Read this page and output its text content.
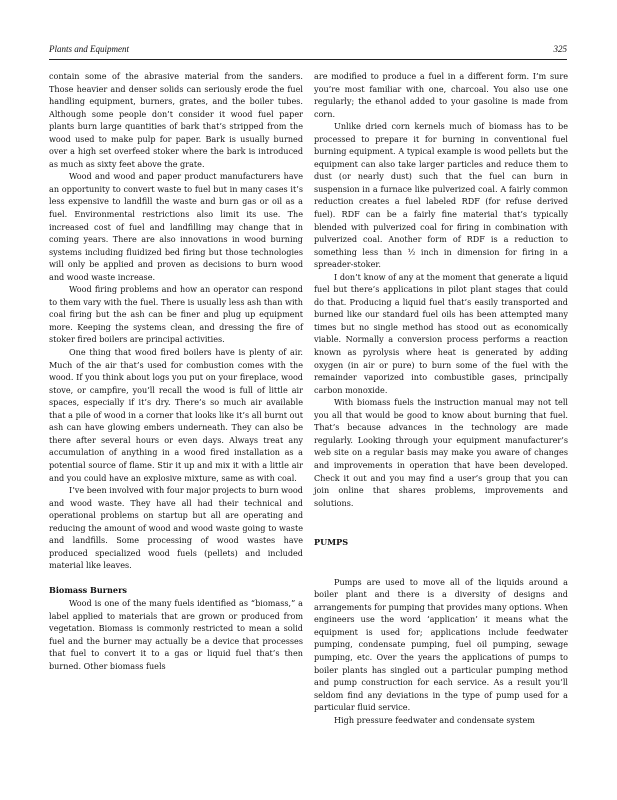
Plants and Equipment	325

contain some of the abrasive material from the sanders. Those heavier and denser solids can seriously erode the fuel handling equipment, burners, grates, and the boiler tubes. Although some people don’t consider it wood fuel paper plants burn large quantities of bark that’s stripped from the wood used to make pulp for paper. Bark is usually burned over a high set overfeed stoker where the bark is introduced as much as sixty feet above the grate.

Wood and wood and paper product manufacturers have an opportunity to convert waste to fuel but in many cases it’s less expensive to landfill the waste and burn gas or oil as a fuel. Environmental restrictions also limit its use. The increased cost of fuel and landfilling may change that in coming years. There are also innovations in wood burning systems including fluidized bed firing but those technologies will only be applied and proven as decisions to burn wood and wood waste increase.

Wood firing problems and how an operator can respond to them vary with the fuel. There is usually less ash than with coal firing but the ash can be finer and plug up equipment more. Keeping the systems clean, and dressing the fire of stoker fired boilers are principal activities.

One thing that wood fired boilers have is plenty of air. Much of the air that’s used for combustion comes with the wood. If you think about logs you put on your fireplace, wood stove, or campfire, you’ll recall the wood is full of little air spaces, especially if it’s dry. There’s so much air available that a pile of wood in a corner that looks like it’s all burnt out ash can have glowing embers underneath. They can also be there after several hours or even days. Always treat any accumulation of anything in a wood fired installation as a potential source of flame. Stir it up and mix it with a little air and you could have an explosive mixture, same as with coal.

I’ve been involved with four major projects to burn wood and wood waste. They have all had their technical and operational problems on startup but all are operating and reducing the amount of wood and wood waste going to waste and landfills. Some processing of wood wastes have produced specialized wood fuels (pellets) and included material like leaves.

Biomass Burners

Wood is one of the many fuels identified as “biomass,” a label applied to materials that are grown or produced from vegetation. Biomass is commonly restricted to mean a solid fuel and the burner may actually be a device that processes that fuel to convert it to a gas or liquid fuel that’s then burned. Other biomass fuels

are modified to produce a fuel in a different form. I’m sure you’re most familiar with one, charcoal. You also use one regularly; the ethanol added to your gasoline is made from corn.

Unlike dried corn kernels much of biomass has to be processed to prepare it for burning in conventional fuel burning equipment. A typical example is wood pellets but the equipment can also take larger particles and reduce them to dust (or nearly dust) such that the fuel can burn in suspension in a furnace like pulverized coal. A fairly common reduction creates a fuel labeled RDF (for refuse derived fuel). RDF can be a fairly fine material that’s typically blended with pulverized coal for firing in combination with pulverized coal. Another form of RDF is a reduction to something less than ½ inch in dimension for firing in a spreader-stoker.

I don’t know of any at the moment that generate a liquid fuel but there’s applications in pilot plant stages that could do that. Producing a liquid fuel that’s easily transported and burned like our standard fuel oils has been attempted many times but no single method has stood out as economically viable. Normally a conversion process performs a reaction known as pyrolysis where heat is generated by adding oxygen (in air or pure) to burn some of the fuel with the remainder vaporized into combustible gases, principally carbon monoxide.

With biomass fuels the instruction manual may not tell you all that would be good to know about burning that fuel. That’s because advances in the technology are made regularly. Looking through your equipment manufacturer’s web site on a regular basis may make you aware of changes and improvements in operation that have been developed. Check it out and you may find a user’s group that you can join online that shares problems, improvements and solutions.

PUMPS

Pumps are used to move all of the liquids around a boiler plant and there is a diversity of designs and arrangements for pumping that provides many options. When engineers use the word ‘application’ it means what the equipment is used for; applications include feedwater pumping, condensate pumping, fuel oil pumping, sewage pumping, etc. Over the years the applications of pumps to boiler plants has singled out a particular pumping method and pump construction for each service. As a result you’ll seldom find any deviations in the type of pump used for a particular fluid service.

High pressure feedwater and condensate system
